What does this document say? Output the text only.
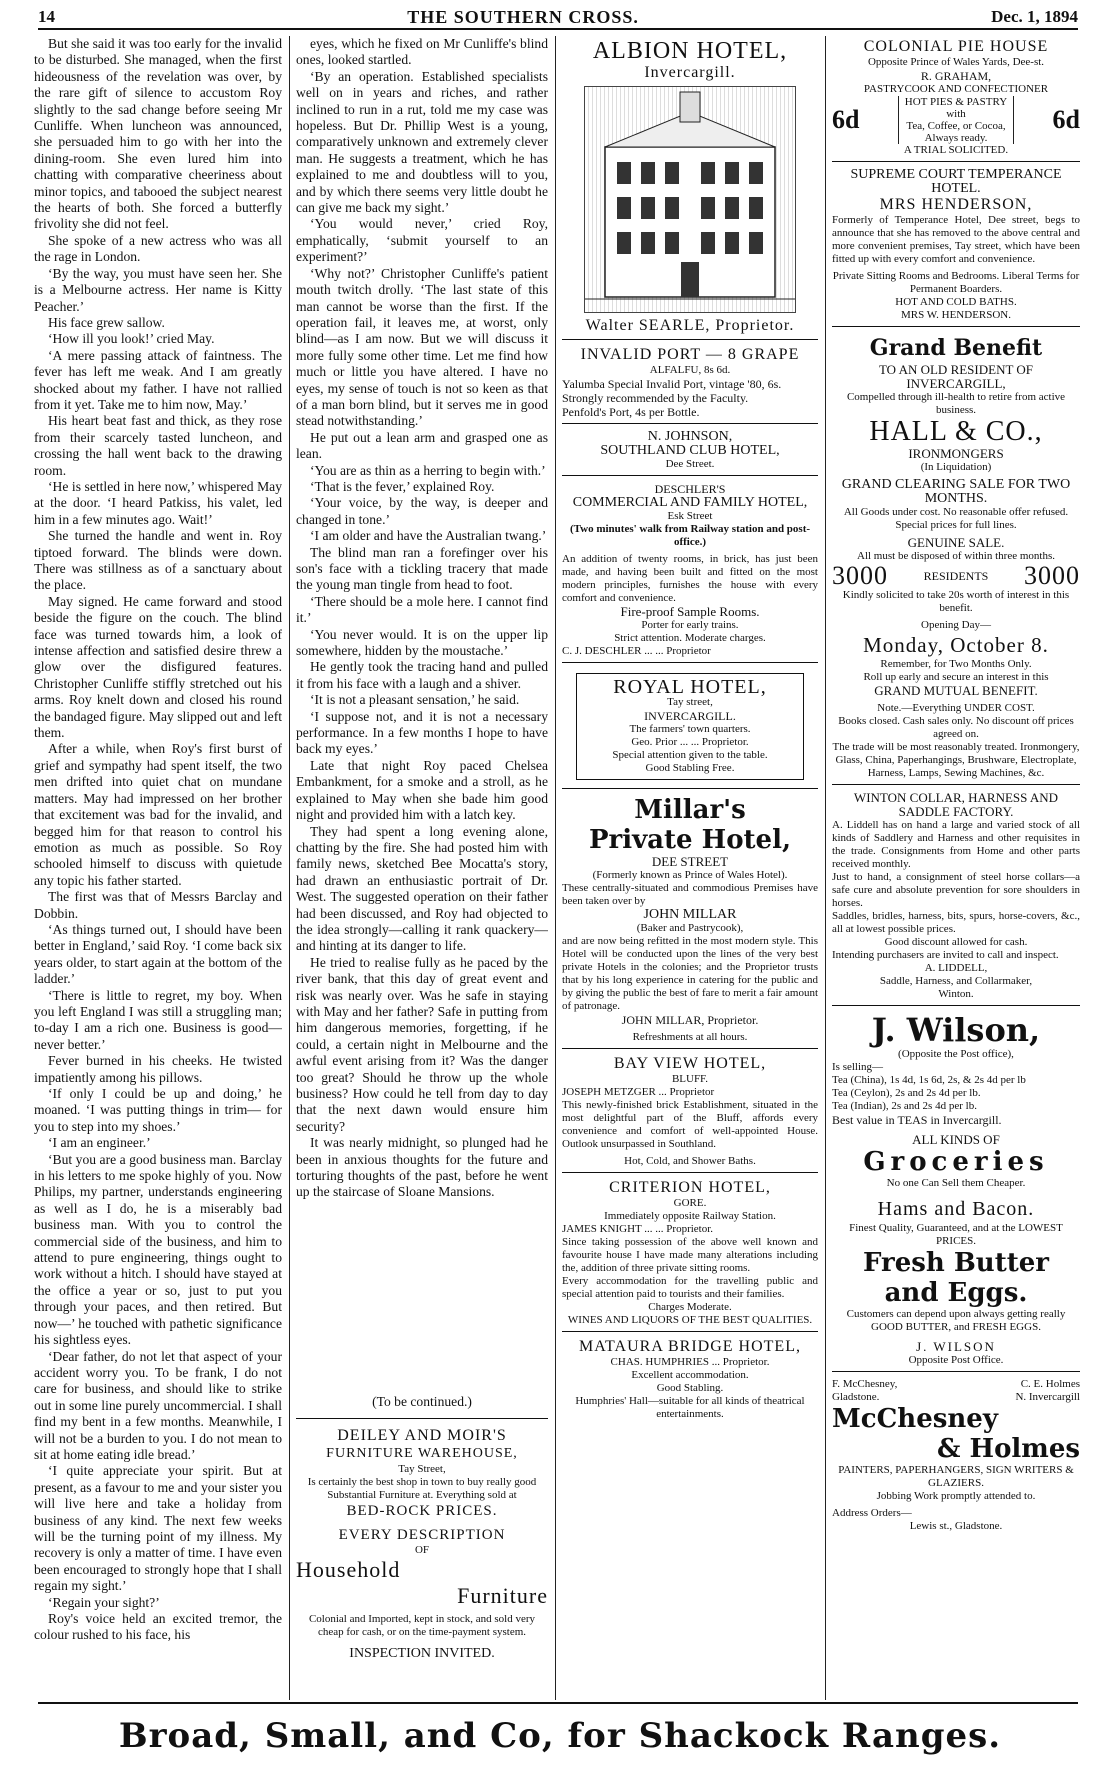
14	THE SOUTHERN CROSS.	Dec. 1, 1894

But she said it was too early for the invalid to be disturbed. She managed, when the first hideousness of the revelation was over, by the rare gift of silence to accustom Roy slightly to the sad change before seeing Mr Cunliffe. When luncheon was announced, she persuaded him to go with her into the dining-room. She even lured him into chatting with comparative cheeriness about minor topics, and tabooed the subject nearest the hearts of both. She forced a butterfly frivolity she did not feel.

She spoke of a new actress who was all the rage in London.

‘By the way, you must have seen her. She is a Melbourne actress. Her name is Kitty Peacher.’

His face grew sallow.

‘How ill you look!’ cried May.

‘A mere passing attack of faintness. The fever has left me weak. And I am greatly shocked about my father. I have not rallied from it yet. Take me to him now, May.’

His heart beat fast and thick, as they rose from their scarcely tasted luncheon, and crossing the hall went back to the drawing room.

‘He is settled in here now,’ whispered May at the door. ‘I heard Patkiss, his valet, led him in a few minutes ago. Wait!’

She turned the handle and went in. Roy tiptoed forward. The blinds were down. There was stillness as of a sanctuary about the place.

May signed. He came forward and stood beside the figure on the couch. The blind face was turned towards him, a look of intense affection and satisfied desire threw a glow over the disfigured features. Christopher Cunliffe stiffly stretched out his arms. Roy knelt down and closed his round the bandaged figure. May slipped out and left them.

After a while, when Roy's first burst of grief and sympathy had spent itself, the two men drifted into quiet chat on mundane matters. May had impressed on her brother that excitement was bad for the invalid, and begged him for that reason to control his emotion as much as possible. So Roy schooled himself to discuss with quietude any topic his father started.

The first was that of Messrs Barclay and Dobbin.

‘As things turned out, I should have been better in England,’ said Roy. ‘I come back six years older, to start again at the bottom of the ladder.’

‘There is little to regret, my boy. When you left England I was still a struggling man; to-day I am a rich one. Business is good—never better.’

Fever burned in his cheeks. He twisted impatiently among his pillows.

‘If only I could be up and doing,’ he moaned. ‘I was putting things in trim— for you to step into my shoes.’

‘I am an engineer.’

‘But you are a good business man. Barclay in his letters to me spoke highly of you. Now Philips, my partner, understands engineering as well as I do, he is a miserably bad business man. With you to control the commercial side of the business, and him to attend to pure engineering, things ought to work without a hitch. I should have stayed at the office a year or so, just to put you through your paces, and then retired. But now—’ he touched with pathetic significance his sightless eyes.

‘Dear father, do not let that aspect of your accident worry you. To be frank, I do not care for business, and should like to strike out in some line purely uncommercial. I shall find my bent in a few months. Meanwhile, I will not be a burden to you. I do not mean to sit at home eating idle bread.’

‘I quite appreciate your spirit. But at present, as a favour to me and your sister you will live here and take a holiday from business of any kind. The next few weeks will be the turning point of my illness. My recovery is only a matter of time. I have even been encouraged to strongly hope that I shall regain my sight.’

‘Regain your sight?’

Roy's voice held an excited tremor, the colour rushed to his face, his

eyes, which he fixed on Mr Cunliffe's blind ones, looked startled.

‘By an operation. Established specialists well on in years and riches, and rather inclined to run in a rut, told me my case was hopeless. But Dr. Phillip West is a young, comparatively unknown and extremely clever man. He suggests a treatment, which he has explained to me and doubtless will to you, and by which there seems very little doubt he can give me back my sight.’

‘You would never,’ cried Roy, emphatically, ‘submit yourself to an experiment?’

‘Why not?’ Christopher Cunliffe's patient mouth twitch drolly. ‘The last state of this man cannot be worse than the first. If the operation fail, it leaves me, at worst, only blind—as I am now. But we will discuss it more fully some other time. Let me find how much or little you have altered. I have no eyes, my sense of touch is not so keen as that of a man born blind, but it serves me in good stead notwithstanding.’

He put out a lean arm and grasped one as lean.

‘You are as thin as a herring to begin with.’

‘That is the fever,’ explained Roy.

‘Your voice, by the way, is deeper and changed in tone.’

‘I am older and have the Australian twang.’

The blind man ran a forefinger over his son's face with a tickling tracery that made the young man tingle from head to foot.

‘There should be a mole here. I cannot find it.’

‘You never would. It is on the upper lip somewhere, hidden by the moustache.’

He gently took the tracing hand and pulled it from his face with a laugh and a shiver.

‘It is not a pleasant sensation,’ he said.

‘I suppose not, and it is not a necessary performance. In a few months I hope to have back my eyes.’

Late that night Roy paced Chelsea Embankment, for a smoke and a stroll, as he explained to May when she bade him good night and provided him with a latch key.

They had spent a long evening alone, chatting by the fire. She had posted him with family news, sketched Bee Mocatta's story, had drawn an enthusiastic portrait of Dr. West. The suggested operation on their father had been discussed, and Roy had objected to the idea strongly—calling it rank quackery—and hinting at its danger to life.

He tried to realise fully as he paced by the river bank, that this day of great event and risk was nearly over. Was he safe in staying with May and her father? Safe in putting from him dangerous memories, forgetting, if he could, a certain night in Melbourne and the awful event arising from it? Was the danger too great? Should he throw up the whole business? How could he tell from day to day that the next dawn would ensure him security?

It was nearly midnight, so plunged had he been in anxious thoughts for the future and torturing thoughts of the past, before he went up the staircase of Sloane Mansions.

(To be continued.)
DEILEY AND MOIR'S
FURNITURE WAREHOUSE,
Tay Street,
Is certainly the best shop in town to buy really good Substantial Furniture at. Everything sold at
BED-ROCK PRICES.
EVERY DESCRIPTION
OF
Household
Furniture
Colonial and Imported, kept in stock, and sold very cheap for cash, or on the time-payment system.
INSPECTION INVITED.
ALBION HOTEL,
Invercargill.
Walter SEARLE, Proprietor.
INVALID PORT — 8 GRAPE
ALFALFU, 8s 6d.
Yalumba Special Invalid Port, vintage '80, 6s. Strongly recommended by the Faculty.
Penfold's Port, 4s per Bottle.
N. JOHNSON,
SOUTHLAND CLUB HOTEL,
Dee Street.
DESCHLER'S
COMMERCIAL AND FAMILY HOTEL,
Esk Street
(Two minutes' walk from Railway station and post-office.)
An addition of twenty rooms, in brick, has just been made, and having been built and fitted on the most modern principles, furnishes the house with every comfort and convenience.
Fire-proof Sample Rooms.
Porter for early trains.
Strict attention. Moderate charges.
C. J. DESCHLER ... ... Proprietor
ROYAL HOTEL,
Tay street,
INVERCARGILL.
The farmers' town quarters.
Geo. Prior ... ... Proprietor.
Special attention given to the table.
Good Stabling Free.
Millar's
Private Hotel,
DEE STREET
(Formerly known as Prince of Wales Hotel).
These centrally-situated and commodious Premises have been taken over by
JOHN MILLAR
(Baker and Pastrycook),
and are now being refitted in the most modern style. This Hotel will be conducted upon the lines of the very best private Hotels in the colonies; and the Proprietor trusts that by his long experience in catering for the public and by giving the public the best of fare to merit a fair amount of patronage.
JOHN MILLAR, Proprietor.
Refreshments at all hours.
BAY VIEW HOTEL,
BLUFF.
JOSEPH METZGER ... Proprietor
This newly-finished brick Establishment, situated in the most delightful part of the Bluff, affords every convenience and comfort of well-appointed House. Outlook unsurpassed in Southland.
Hot, Cold, and Shower Baths.
CRITERION HOTEL,
GORE.
Immediately opposite Railway Station.
JAMES KNIGHT ... ... Proprietor.
Since taking possession of the above well known and favourite house I have made many alterations including the, addition of three private sitting rooms.
Every accommodation for the travelling public and special attention paid to tourists and their families.
Charges Moderate.
WINES AND LIQUORS OF THE BEST QUALITIES.
MATAURA BRIDGE HOTEL,
CHAS. HUMPHRIES ... Proprietor.
Excellent accommodation.
Good Stabling.
Humphries' Hall—suitable for all kinds of theatrical entertainments.
COLONIAL PIE HOUSE
Opposite Prince of Wales Yards, Dee-st.
R. GRAHAM,
PASTRYCOOK AND CONFECTIONER
6d
HOT PIES & PASTRY
with
Tea, Coffee, or Cocoa,
Always ready.
6d
A TRIAL SOLICITED.
SUPREME COURT TEMPERANCE HOTEL.
MRS HENDERSON,
Formerly of Temperance Hotel, Dee street, begs to announce that she has removed to the above central and more convenient premises, Tay street, which have been fitted up with every comfort and convenience.
Private Sitting Rooms and Bedrooms. Liberal Terms for Permanent Boarders.
HOT AND COLD BATHS.
MRS W. HENDERSON.
Grand Benefit
TO AN OLD RESIDENT OF INVERCARGILL,
Compelled through ill-health to retire from active business.
HALL & CO.,
IRONMONGERS
(In Liquidation)
GRAND CLEARING SALE FOR TWO MONTHS.
All Goods under cost. No reasonable offer refused. Special prices for full lines.
GENUINE SALE.
All must be disposed of within three months.
3000	RESIDENTS 3000
Kindly solicited to take 20s worth of interest in this benefit.
Opening Day—
Monday, October 8.
Remember, for Two Months Only.
Roll up early and secure an interest in this
GRAND MUTUAL BENEFIT.
Note.—Everything UNDER COST.
Books closed. Cash sales only. No discount off prices agreed on.
The trade will be most reasonably treated. Ironmongery, Glass, China, Paperhangings, Brushware, Electroplate, Harness, Lamps, Sewing Machines, &c.
WINTON COLLAR, HARNESS AND SADDLE FACTORY.
A. Liddell has on hand a large and varied stock of all kinds of Saddlery and Harness and other requisites in the trade. Consignments from Home and other parts received monthly.
Just to hand, a consignment of steel horse collars—a safe cure and absolute prevention for sore shoulders in horses.
Saddles, bridles, harness, bits, spurs, horse-covers, &c., all at lowest possible prices.
Good discount allowed for cash.
Intending purchasers are invited to call and inspect.
A. LIDDELL,
Saddle, Harness, and Collarmaker,
Winton.
J. Wilson,
(Opposite the Post office),
Is selling—
Tea (China), 1s 4d, 1s 6d, 2s, & 2s 4d per lb
Tea (Ceylon), 2s and 2s 4d per lb.
Tea (Indian), 2s and 2s 4d per lb.
Best value in TEAS in Invercargill.
ALL KINDS OF
Groceries
No one Can Sell them Cheaper.
Hams and Bacon.
Finest Quality, Guaranteed, and at the LOWEST PRICES.
Fresh Butter
and Eggs.
Customers can depend upon always getting really GOOD BUTTER, and FRESH EGGS.
J. WILSON
Opposite Post Office.
F. McChesney,	C. E. Holmes
Gladstone.	N. Invercargill
McChesney
& Holmes
PAINTERS, PAPERHANGERS, SIGN WRITERS & GLAZIERS.
Jobbing Work promptly attended to.
Address Orders—
Lewis st., Gladstone.
Broad, Small, and Co, for Shackock Ranges.
